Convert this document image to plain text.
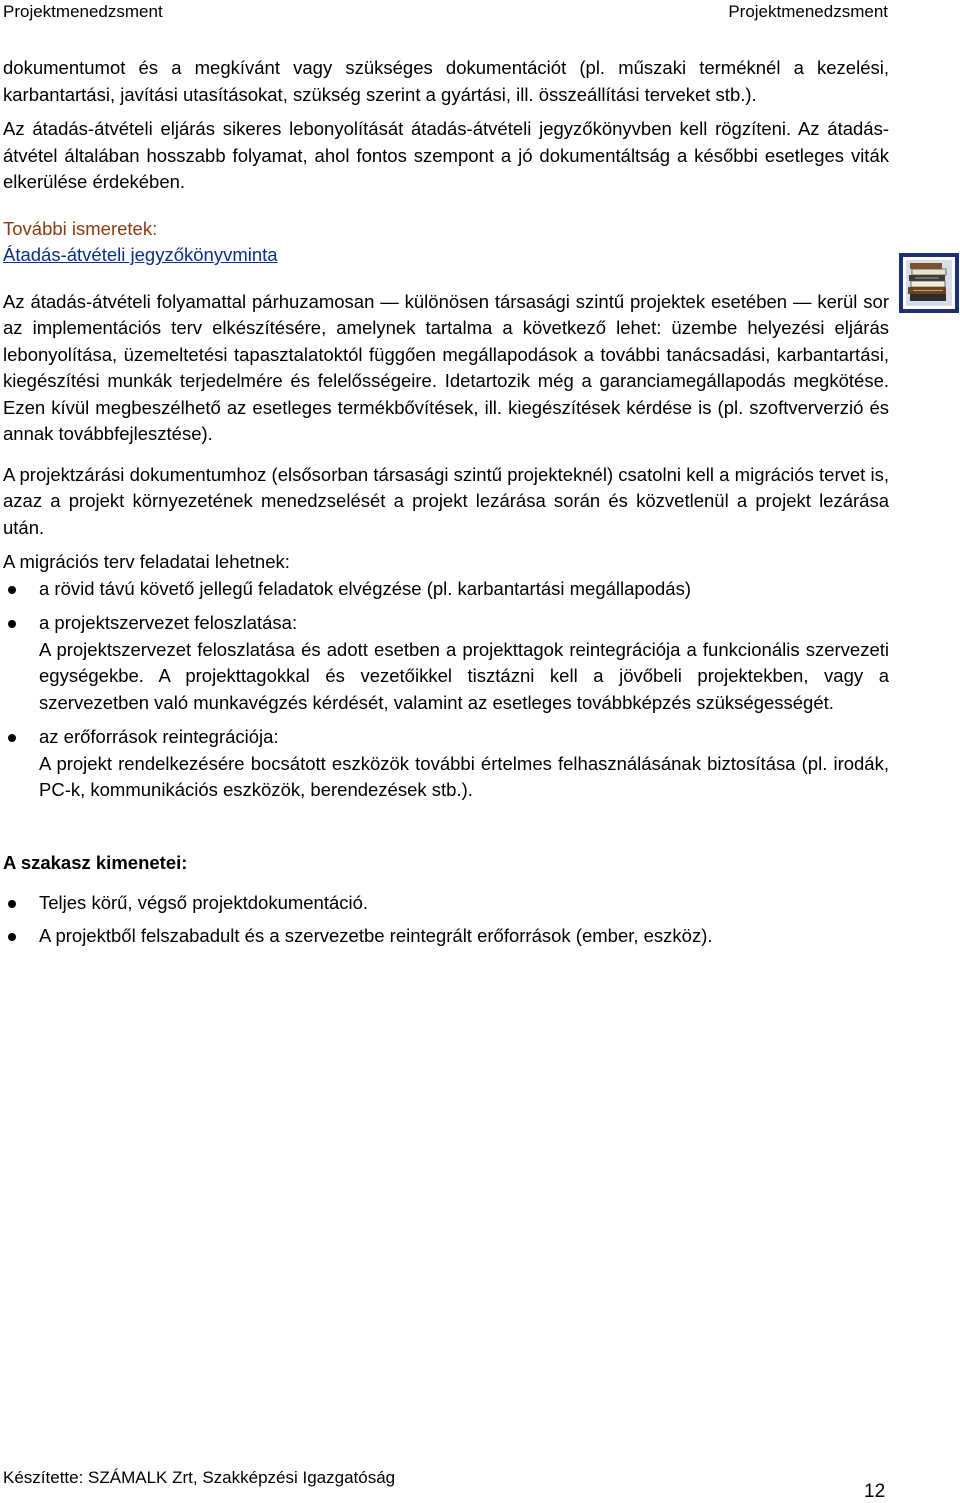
Projektmenedzsment	Projektmenedzsment

dokumentumot és a megkívánt vagy szükséges dokumentációt (pl. műszaki terméknél a kezelési, karbantartási, javítási utasításokat, szükség szerint a gyártási, ill. összeállítási terveket stb.).

Az átadás-átvételi eljárás sikeres lebonyolítását átadás-átvételi jegyzőkönyvben kell rögzíteni. Az átadás-átvétel általában hosszabb folyamat, ahol fontos szempont a jó dokumentáltság a későbbi esetleges viták elkerülése érdekében.

További ismeretek:
Átadás-átvételi jegyzőkönyvminta

Az átadás-átvételi folyamattal párhuzamosan — különösen társasági szintű projektek esetében — kerül sor az implementációs terv elkészítésére, amelynek tartalma a következő lehet: üzembe helyezési eljárás lebonyolítása, üzemeltetési tapasztalatoktól függően megállapodások a további tanácsadási, karbantartási, kiegészítési munkák terjedelmére és felelősségeire. Idetartozik még a garanciamegállapodás megkötése. Ezen kívül megbeszélhető az esetleges termékbővítések, ill. kiegészítések kérdése is (pl. szoftververzió és annak továbbfejlesztése).

A projektzárási dokumentumhoz (elsősorban társasági szintű projekteknél) csatolni kell a migrációs tervet is, azaz a projekt környezetének menedzselését a projekt lezárása során és közvetlenül a projekt lezárása után.

A migrációs terv feladatai lehetnek:

a rövid távú követő jellegű feladatok elvégzése (pl. karbantartási megállapodás)
a projektszervezet feloszlatása:
A projektszervezet feloszlatása és adott esetben a projekttagok reintegrációja a funkcionális szervezeti egységekbe. A projekttagokkal és vezetőikkel tisztázni kell a jövőbeli projektekben, vagy a szervezetben való munkavégzés kérdését, valamint az esetleges továbbképzés szükségességét.
az erőforrások reintegrációja:
A projekt rendelkezésére bocsátott eszközök további értelmes felhasználásának biztosítása (pl. irodák, PC-k, kommunikációs eszközök, berendezések stb.).
A szakasz kimenetei:
Teljes körű, végső projektdokumentáció.
A projektből felszabadult és a szervezetbe reintegrált erőforrások (ember, eszköz).
Készítette: SZÁMALK Zrt, Szakképzési Igazgatóság
12
